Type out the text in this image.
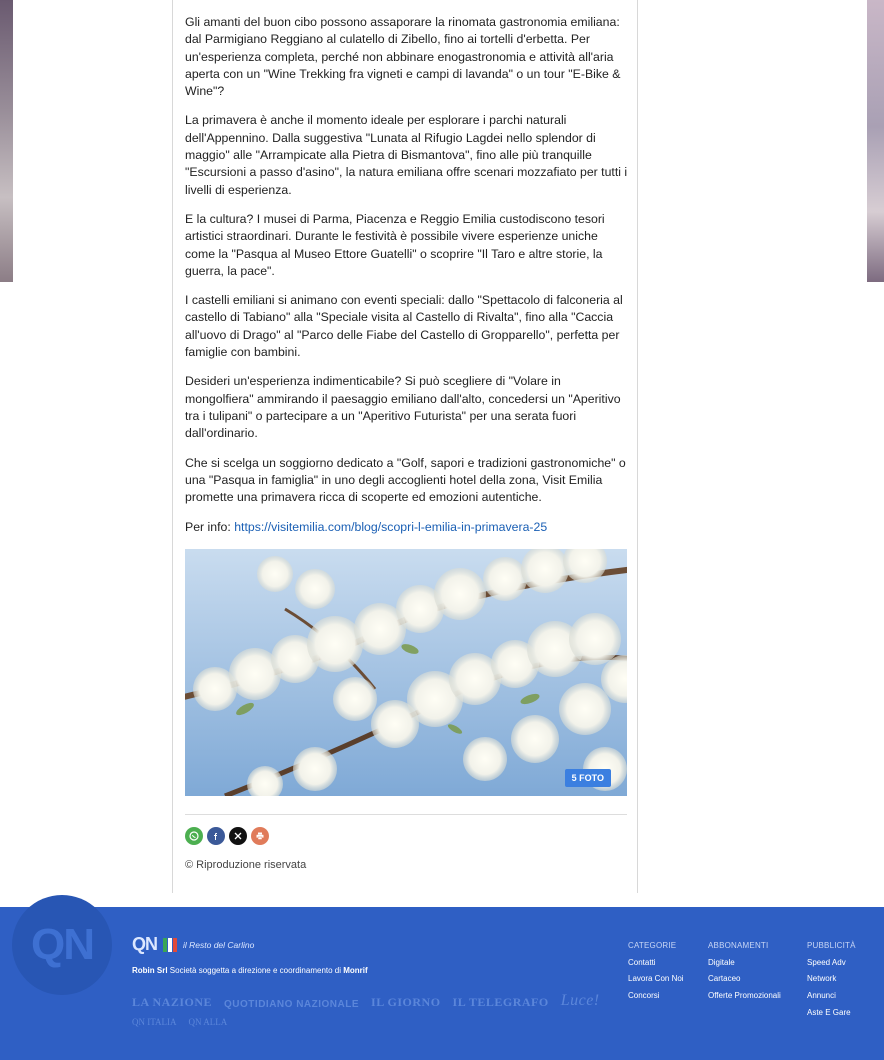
Gli amanti del buon cibo possono assaporare la rinomata gastronomia emiliana: dal Parmigiano Reggiano al culatello di Zibello, fino ai tortelli d'erbetta. Per un'esperienza completa, perché non abbinare enogastronomia e attività all'aria aperta con un "Wine Trekking fra vigneti e campi di lavanda" o un tour "E-Bike & Wine"?

La primavera è anche il momento ideale per esplorare i parchi naturali dell'Appennino. Dalla suggestiva "Lunata al Rifugio Lagdei nello splendor di maggio" alle "Arrampicate alla Pietra di Bismantova", fino alle più tranquille "Escursioni a passo d'asino", la natura emiliana offre scenari mozzafiato per tutti i livelli di esperienza.

E la cultura? I musei di Parma, Piacenza e Reggio Emilia custodiscono tesori artistici straordinari. Durante le festività è possibile vivere esperienze uniche come la "Pasqua al Museo Ettore Guatelli" o scoprire "Il Taro e altre storie, la guerra, la pace".

I castelli emiliani si animano con eventi speciali: dallo "Spettacolo di falconeria al castello di Tabiano" alla "Speciale visita al Castello di Rivalta", fino alla "Caccia all'uovo di Drago" al "Parco delle Fiabe del Castello di Gropparello", perfetta per famiglie con bambini.

Desideri un'esperienza indimenticabile? Si può scegliere di "Volare in mongolfiera" ammirando il paesaggio emiliano dall'alto, concedersi un "Aperitivo tra i tulipani" o partecipare a un "Aperitivo Futurista" per una serata fuori dall'ordinario.

Che si scelga un soggiorno dedicato a "Golf, sapori e tradizioni gastronomiche" o una "Pasqua in famiglia" in uno degli accoglienti hotel della zona, Visit Emilia promette una primavera ricca di scoperte ed emozioni autentiche.

Per info: https://visitemilia.com/blog/scopri-l-emilia-in-primavera-25
5 FOTO
© Riproduzione riservata
QN	QN	il Resto del Carlino
Robin Srl Società soggetta a direzione e coordinamento di Monrif
LA NAZIONE QUOTIDIANO NAZIONALE IL GIORNO IL TELEGRAFO Luce!
QN ITALIA QN ALLA
CATEGORIE
Contatti
Lavora Con Noi
Concorsi
ABBONAMENTI
Digitale
Cartaceo
Offerte Promozionali
PUBBLICITÀ
Speed Adv
Network
Annunci
Aste E Gare
